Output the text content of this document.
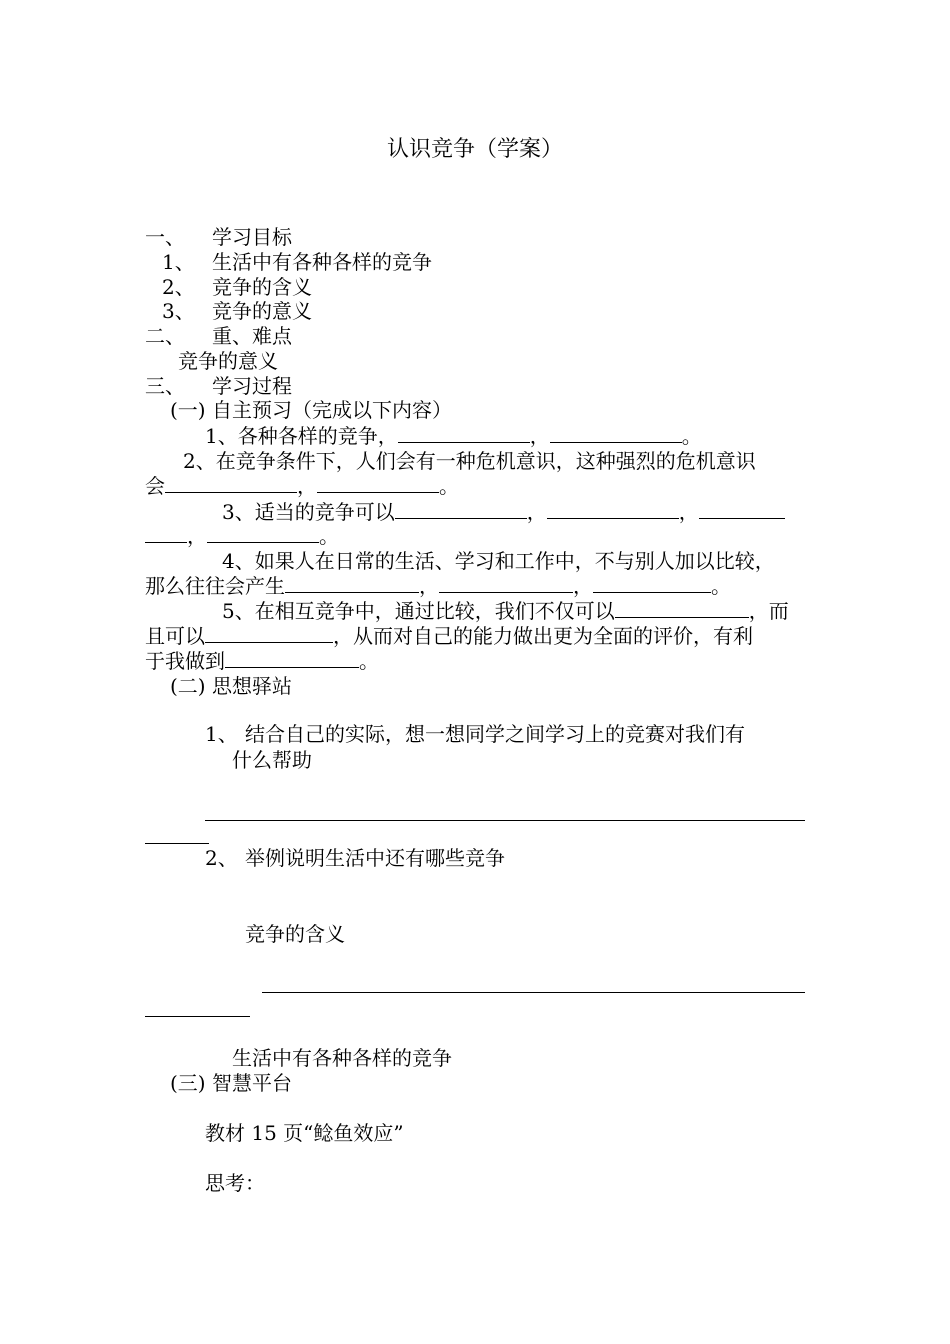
认识竞争（学案）
一、 学习目标
1、 生活中有各种各样的竞争
2、 竞争的含义
3、 竞争的意义
二、 重、难点
竞争的意义
三、 学习过程
(一) 自主预习（完成以下内容）
1、各种各样的竞争，	，	。
2、在竞争条件下，人们会有一种危机意识，这种强烈的危机意识
会	，	。
3、适当的竞争可以	，	，
，	。
4、如果人在日常的生活、学习和工作中，不与别人加以比较，
那么往往会产生	，	，	。
5、在相互竞争中，通过比较，我们不仅可以	，而
且可以	，从而对自己的能力做出更为全面的评价，有利
于我做到	。
(二) 思想驿站
1、 结合自己的实际，想一想同学之间学习上的竞赛对我们有
什么帮助
2、 举例说明生活中还有哪些竞争
竞争的含义
生活中有各种各样的竞争
(三) 智慧平台
教材 15 页“鲶鱼效应”
思考：
